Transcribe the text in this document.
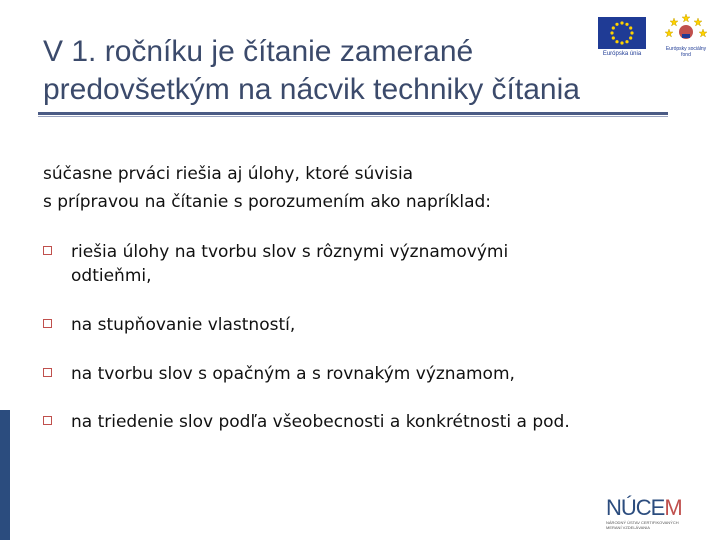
V 1. ročníku je čítanie zamerané
predovšetkým na nácvik techniky čítania
Európska únia
Európsky sociálny fond
súčasne prváci riešia aj úlohy, ktoré súvisia
s prípravou na čítanie s porozumením ako napríklad:
riešia úlohy na tvorbu slov s rôznymi významovými
odtieňmi,
na stupňovanie vlastností,
na tvorbu slov s opačným a s rovnakým významom,
na triedenie slov podľa všeobecnosti a konkrétnosti a pod.
NÚCEM
NÁRODNÝ ÚSTAV CERTIFIKOVANÝCH MERANÍ VZDELÁVANIA
